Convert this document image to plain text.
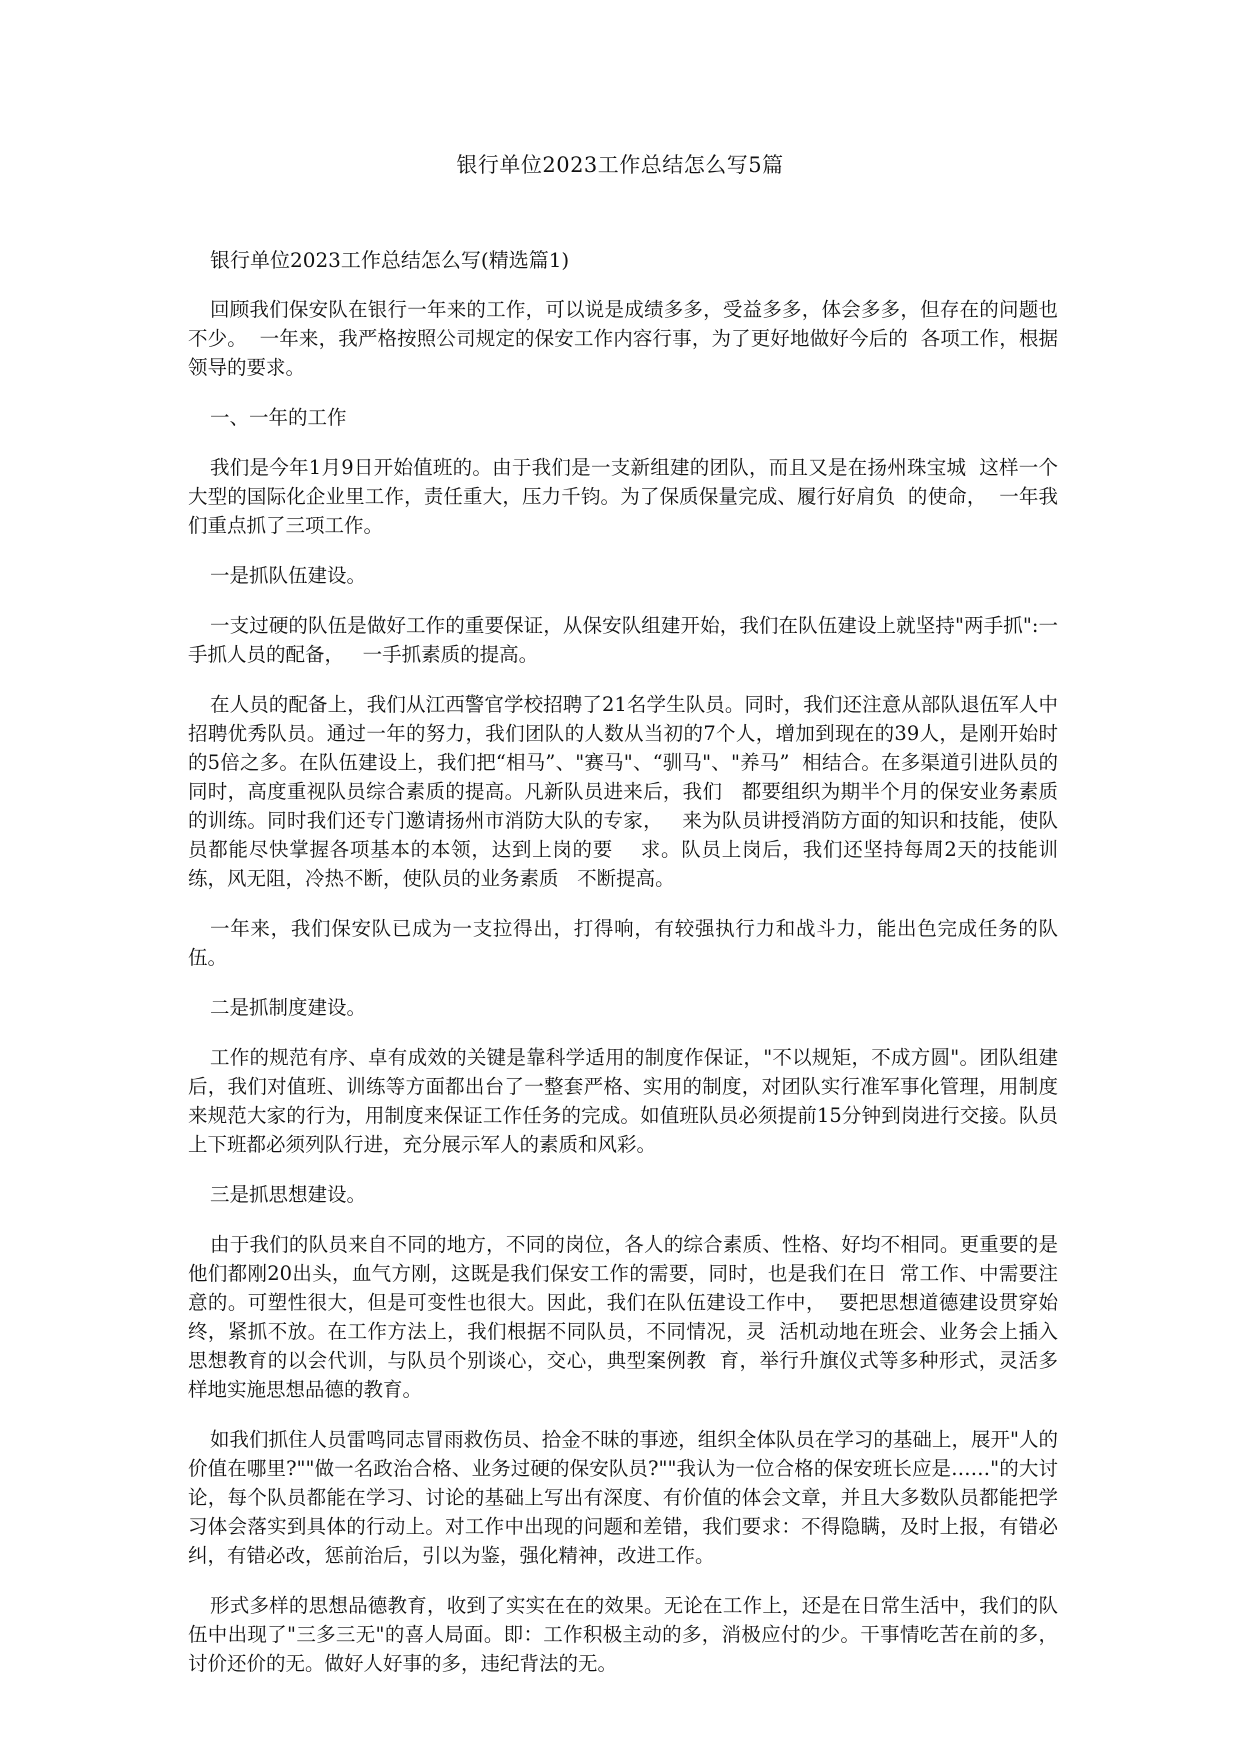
银行单位2023工作总结怎么写5篇
银行单位2023工作总结怎么写(精选篇1)

回顾我们保安队在银行一年来的工作，可以说是成绩多多，受益多多，体会多多，但存在的问题也不少。  一年来，我严格按照公司规定的保安工作内容行事，为了更好地做好今后的  各项工作，根据领导的要求。

一、一年的工作

我们是今年1月9日开始值班的。由于我们是一支新组建的团队，而且又是在扬州珠宝城  这样一个大型的国际化企业里工作，责任重大，压力千钧。为了保质保量完成、履行好肩负  的使命，  一年我们重点抓了三项工作。

一是抓队伍建设。

一支过硬的队伍是做好工作的重要保证，从保安队组建开始，我们在队伍建设上就坚持"两手抓":一手抓人员的配备，   一手抓素质的提高。

在人员的配备上，我们从江西警官学校招聘了21名学生队员。同时，我们还注意从部队退伍军人中招聘优秀队员。通过一年的努力，我们团队的人数从当初的7个人，增加到现在的39人，是刚开始时的5倍之多。在队伍建设上，我们把“相马”、"赛马"、“驯马"、"养马”  相结合。在多渠道引进队员的同时，高度重视队员综合素质的提高。凡新队员进来后，我们   都要组织为期半个月的保安业务素质的训练。同时我们还专门邀请扬州市消防大队的专家，   来为队员讲授消防方面的知识和技能，使队员都能尽快掌握各项基本的本领，达到上岗的要    求。队员上岗后，我们还坚持每周2天的技能训练，风无阻，冷热不断，使队员的业务素质   不断提高。

一年来，我们保安队已成为一支拉得出，打得响，有较强执行力和战斗力，能出色完成任务的队伍。

二是抓制度建设。

工作的规范有序、卓有成效的关键是靠科学适用的制度作保证，"不以规矩，不成方圆"。团队组建后，我们对值班、训练等方面都出台了一整套严格、实用的制度，对团队实行准军事化管理，用制度来规范大家的行为，用制度来保证工作任务的完成。如值班队员必须提前15分钟到岗进行交接。队员上下班都必须列队行进，充分展示军人的素质和风彩。

三是抓思想建设。

由于我们的队员来自不同的地方，不同的岗位，各人的综合素质、性格、好均不相同。更重要的是他们都刚20出头，血气方刚，这既是我们保安工作的需要，同时，也是我们在日  常工作、中需要注意的。可塑性很大，但是可变性也很大。因此，我们在队伍建设工作中，  要把思想道德建设贯穿始终，紧抓不放。在工作方法上，我们根据不同队员，不同情况，灵  活机动地在班会、业务会上插入思想教育的以会代训，与队员个别谈心，交心，典型案例教  育，举行升旗仪式等多种形式，灵活多样地实施思想品德的教育。

如我们抓住人员雷鸣同志冒雨救伤员、拾金不昧的事迹，组织全体队员在学习的基础上，展开"人的价值在哪里?""做一名政治合格、业务过硬的保安队员?""我认为一位合格的保安班长应是……"的大讨论，每个队员都能在学习、讨论的基础上写出有深度、有价值的体会文章，并且大多数队员都能把学习体会落实到具体的行动上。对工作中出现的问题和差错，我们要求：不得隐瞒，及时上报，有错必纠，有错必改，惩前治后，引以为鉴，强化精神，改进工作。

形式多样的思想品德教育，收到了实实在在的效果。无论在工作上，还是在日常生活中，我们的队伍中出现了"三多三无"的喜人局面。即：工作积极主动的多，消极应付的少。干事情吃苦在前的多，讨价还价的无。做好人好事的多，违纪背法的无。
